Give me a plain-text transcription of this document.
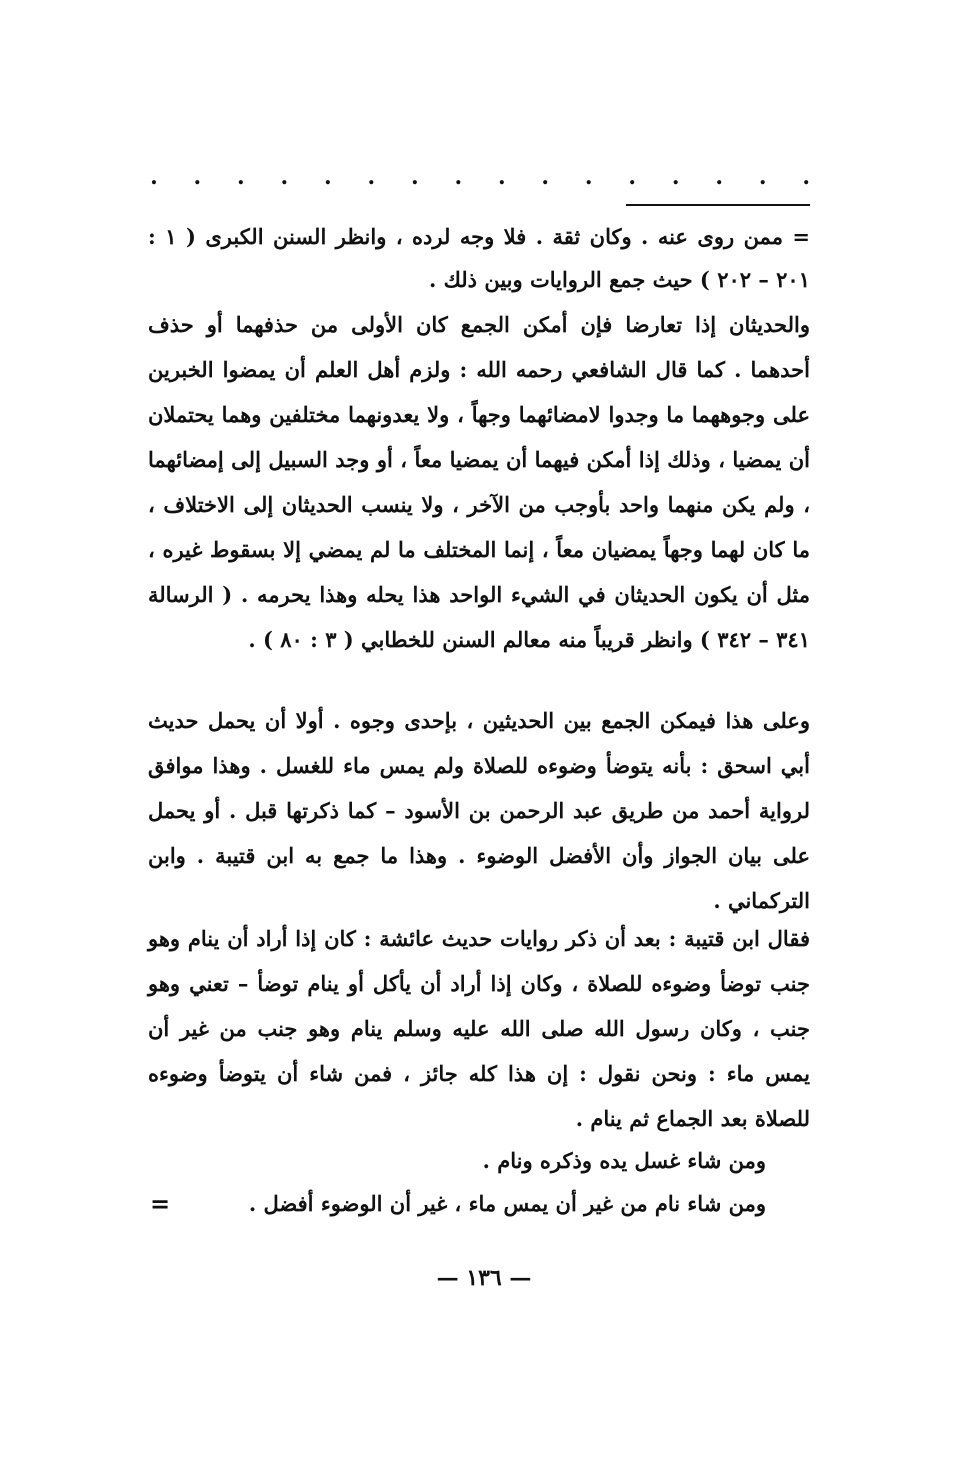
.
.
.
.
.
.
.
.
.
.
.
.
.
.
.
.

= ممن روى عنه . وكان ثقة . فلا وجه لرده ، وانظر السنن الكبرى ( ١ : ٢٠١ – ٢٠٢ ) حيث جمع الروايات وبين ذلك .

والحديثان إذا تعارضا فإن أمكن الجمع كان الأولى من حذفهما أو حذف أحدهما . كما قال الشافعي رحمه الله : ولزم أهل العلم أن يمضوا الخبرين على وجوههما ما وجدوا لامضائهما وجهاً ، ولا يعدونهما مختلفين وهما يحتملان أن يمضيا ، وذلك إذا أمكن فيهما أن يمضيا معاً ، أو وجد السبيل إلى إمضائهما ، ولم يكن منهما واحد بأوجب من الآخر ، ولا ينسب الحديثان إلى الاختلاف ، ما كان لهما وجهاً يمضيان معاً ، إنما المختلف ما لم يمضي إلا بسقوط غيره ، مثل أن يكون الحديثان في الشيء الواحد هذا يحله وهذا يحرمه . ( الرسالة ٣٤١ – ٣٤٢ ) وانظر قريباً منه معالم السنن للخطابي ( ٣ : ٨٠ ) .

وعلى هذا فيمكن الجمع بين الحديثين ، بإحدى وجوه . أولا أن يحمل حديث أبي اسحق : بأنه يتوضأ وضوءه للصلاة ولم يمس ماء للغسل . وهذا موافق لرواية أحمد من طريق عبد الرحمن بن الأسود – كما ذكرتها قبل . أو يحمل على بيان الجواز وأن الأفضل الوضوء . وهذا ما جمع به ابن قتيبة . وابن التركماني .

فقال ابن قتيبة : بعد أن ذكر روايات حديث عائشة : كان إذا أراد أن ينام وهو جنب توضأ وضوءه للصلاة ، وكان إذا أراد أن يأكل أو ينام توضأ – تعني وهو جنب ، وكان رسول الله صلى الله عليه وسلم ينام وهو جنب من غير أن يمس ماء : ونحن نقول : إن هذا كله جائز ، فمن شاء أن يتوضأ وضوءه للصلاة بعد الجماع ثم ينام .

ومن شاء غسل يده وذكره ونام .
ومن شاء نام من غير أن يمس ماء ، غير أن الوضوء أفضل .
=
— ١٣٦ —
